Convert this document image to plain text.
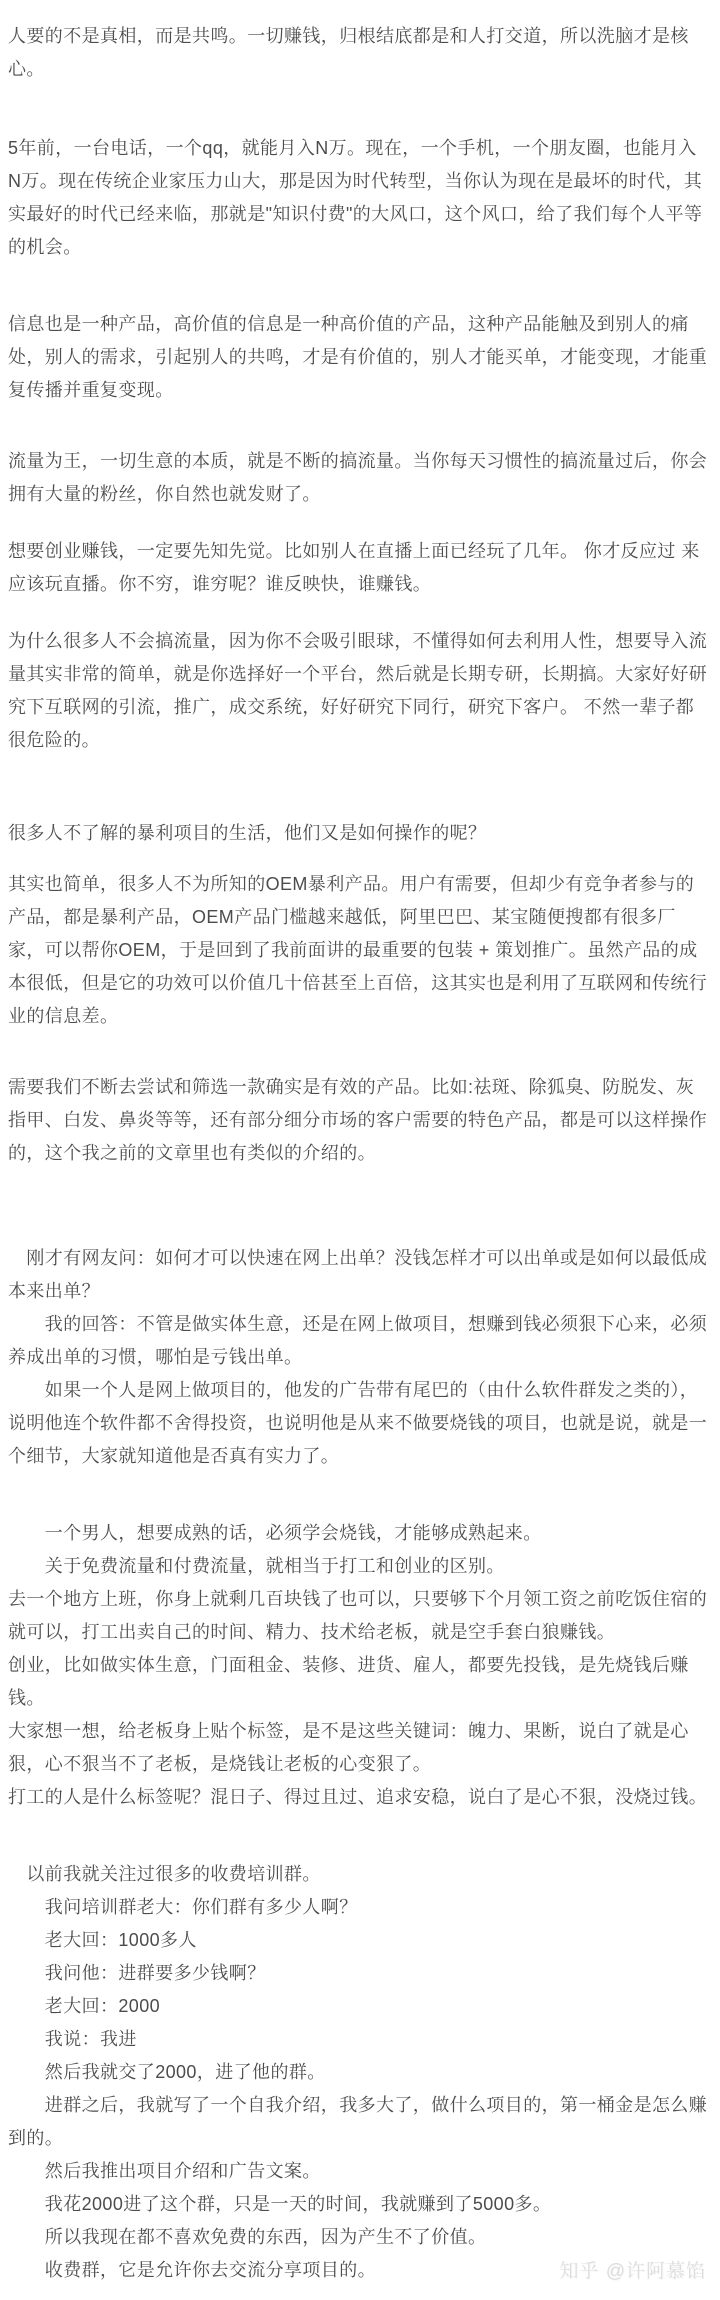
人要的不是真相，而是共鸣。一切赚钱，归根结底都是和人打交道，所以洗脑才是核心。

5年前，一台电话，一个qq，就能月入N万。现在，一个手机，一个朋友圈，也能月入N万。现在传统企业家压力山大，那是因为时代转型，当你认为现在是最坏的时代，其实最好的时代已经来临，那就是"知识付费"的大风口，这个风口，给了我们每个人平等的机会。

信息也是一种产品，高价值的信息是一种高价值的产品，这种产品能触及到别人的痛处，别人的需求，引起别人的共鸣，才是有价值的，别人才能买单，才能变现，才能重复传播并重复变现。

流量为王，一切生意的本质，就是不断的搞流量。当你每天习惯性的搞流量过后，你会拥有大量的粉丝，你自然也就发财了。

想要创业赚钱，一定要先知先觉。比如别人在直播上面已经玩了几年。 你才反应过 来应该玩直播。你不穷，谁穷呢？谁反映快，谁赚钱。

为什么很多人不会搞流量，因为你不会吸引眼球，不懂得如何去利用人性，想要导入流量其实非常的简单，就是你选择好一个平台，然后就是长期专研，长期搞。大家好好研究下互联网的引流，推广，成交系统，好好研究下同行，研究下客户。 不然一辈子都很危险的。

很多人不了解的暴利项目的生活，他们又是如何操作的呢？

其实也简单，很多人不为所知的OEM暴利产品。用户有需要，但却少有竞争者参与的产品，都是暴利产品，OEM产品门槛越来越低，阿里巴巴、某宝随便搜都有很多厂家，可以帮你OEM，于是回到了我前面讲的最重要的包装 + 策划推广。虽然产品的成本很低，但是它的功效可以价值几十倍甚至上百倍，这其实也是利用了互联网和传统行业的信息差。

需要我们不断去尝试和筛选一款确实是有效的产品。比如:祛斑、除狐臭、防脱发、灰指甲、白发、鼻炎等等，还有部分细分市场的客户需要的特色产品，都是可以这样操作的，这个我之前的文章里也有类似的介绍的。

　刚才有网友问：如何才可以快速在网上出单？没钱怎样才可以出单或是如何以最低成本来出单？

　　我的回答：不管是做实体生意，还是在网上做项目，想赚到钱必须狠下心来，必须养成出单的习惯，哪怕是亏钱出单。

　　如果一个人是网上做项目的，他发的广告带有尾巴的（由什么软件群发之类的），说明他连个软件都不舍得投资，也说明他是从来不做要烧钱的项目，也就是说，就是一个细节，大家就知道他是否真有实力了。

　　一个男人，想要成熟的话，必须学会烧钱，才能够成熟起来。

　　关于免费流量和付费流量，就相当于打工和创业的区别。

去一个地方上班，你身上就剩几百块钱了也可以，只要够下个月领工资之前吃饭住宿的就可以，打工出卖自己的时间、精力、技术给老板，就是空手套白狼赚钱。

创业，比如做实体生意，门面租金、装修、进货、雇人，都要先投钱，是先烧钱后赚钱。

大家想一想，给老板身上贴个标签，是不是这些关键词：魄力、果断，说白了就是心狠，心不狠当不了老板，是烧钱让老板的心变狠了。

打工的人是什么标签呢？混日子、得过且过、追求安稳，说白了是心不狠，没烧过钱。

　以前我就关注过很多的收费培训群。

　　我问培训群老大：你们群有多少人啊？

　　老大回：1000多人

　　我问他：进群要多少钱啊？

　　老大回：2000

　　我说：我进

　　然后我就交了2000，进了他的群。

　　进群之后，我就写了一个自我介绍，我多大了，做什么项目的，第一桶金是怎么赚到的。

　　然后我推出项目介绍和广告文案。

　　我花2000进了这个群，只是一天的时间，我就赚到了5000多。

　　所以我现在都不喜欢免费的东西，因为产生不了价值。

　　收费群，它是允许你去交流分享项目的。	知乎 @许阿慕馅
